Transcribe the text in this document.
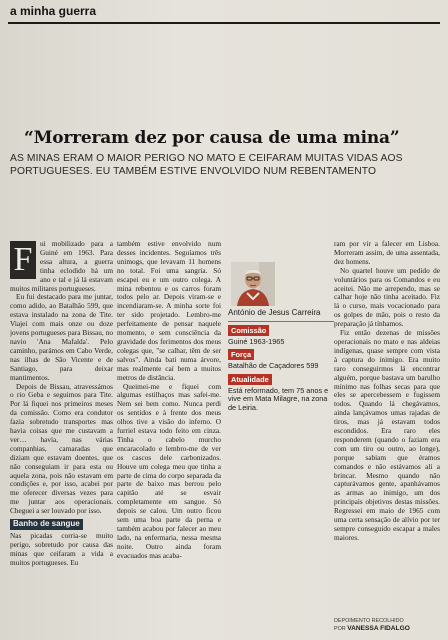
a minha guerra
“Morreram dez por causa de uma mina”
AS MINAS ERAM O MAIOR PERIGO NO MATO E CEIFARAM MUITAS VIDAS AOS PORTUGUESES. EU TAMBÉM ESTIVE ENVOLVIDO NUM REBENTAMENTO

F	ui mobilizado para a Guiné em 1963. Para essa altura, a guerra tinha eclodido há um ano e tal e já lá estavam muitos militares portugueses.

Eu fui destacado para me juntar, como adido, ao Batalhão 599, que estava instalado na zona de Tite. Viajei com mais onze ou doze jovens portugueses para Bissau, no navio 'Ana Mafalda'. Pelo caminho, parámos em Cabo Verde, nas ilhas de São Vicente e de Santiago, para deixar mantimentos.

Depois de Bissau, atravessámos o rio Geba e seguimos para Tite. Por lá fiquei nos primeiros meses da comissão. Como era condutor fazia sobretudo transportes mas havia coisas que me custavam a ver… havia, nas várias companhias, camaradas que diziam que estavam doentes, que não conseguiam ir para esta ou aquela zona, pois não estavam em condições e, por isso, acabei por me oferecer diversas vezes para me juntar aos operacionais. Cheguei a ser louvado por isso.

Banho de sangue

Nas picadas corria-se muito perigo, sobretudo por causa das minas que ceifaram a vida a muitos portugueses. Eu

também estive envolvido num desses incidentes. Seguíamos três unimogs, que levavam 11 homens no total. Foi uma sangria. Só escapei eu e um outro colega. A mina rebentou e os carros foram todos pelo ar. Depois viram-se e incendiaram-se. A minha sorte foi ter sido projetado. Lembro-me perfeitamente de pensar naquele momento, e sem consciência da gravidade dos ferimentos dos meus colegas que, "se calhar, têm de ser salvos". Ainda bati numa árvore, mas realmente caí bem a muitos metros de distância.

Queimei-me e fiquei com algumas estilhaços mas safei-me. Nem sei bem como. Nunca perdi os sentidos e à frente dos meus olhos tive a visão do inferno. O furriel estava todo feito em cinza. Tinha o cabelo murcho encaracolado e lembro-me de ver os cascos dele carbonizados. Houve um colega meu que tinha a parte de cima do corpo separada da parte de baixo mas berrou pelo capitão até se esvair completamente em sangue. Só depois se calou. Um outro ficou sem uma boa parte da perna e também acabou por falecer ao meu lado, na enfermaria, nessa mesma noite. Outro ainda foram evacuados mas acaba-

António de Jesus Carreira
Comissão
Guiné 1963-1965
Força
Batalhão de Caçadores 599
Atualidade
Está reformado, tem 75 anos e vive em Mata Milagre, na zona de Leiria.

ram por vir a falecer em Lisboa. Morreram assim, de uma assentada, dez homens.

No quartel houve um pedido de voluntários para os Comandos e eu aceitei. Não me arrependo, mas se calhar hoje não tinha aceitado. Fiz lá o curso, mais vocacionado para os golpes de mão, pois o resto da preparação já tínhamos.

Fiz então dezenas de missões operacionais no mato e nas aldeias indígenas, quase sempre com vista à captura do inimigo. Era muito raro conseguirmos lá encontrar alguém, porque bastava um barulho mínimo nas folhas secas para que eles se apercebessem e fugissem todos. Quando lá chegávamos, ainda lançávamos umas rajadas de tiros, mas já estavam todos escondidos. Era raro eles responderem (quando o faziam era com um tiro ou outro, ao longe), porque sabiam que éramos comandos e não estávamos ali a brincar. Mesmo quando não capturávamos gente, apanhávamos as armas ao inimigo, um dos principais objetivos destas missões. Regressei em maio de 1965 com uma certa sensação de alívio por ter sempre conseguido escapar a males maiores.

DEPOIMENTO RECOLHIDO
POR VANESSA FIDALGO
